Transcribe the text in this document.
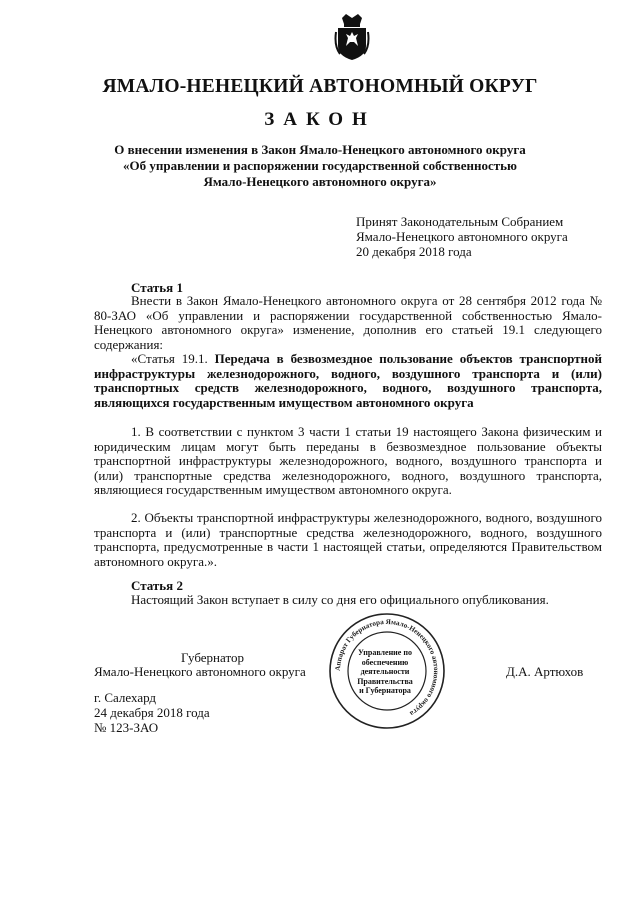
ЯМАЛО-НЕНЕЦКИЙ АВТОНОМНЫЙ ОКРУГ
ЗАКОН
О внесении изменения в Закон Ямало-Ненецкого автономного округа
«Об управлении и распоряжении государственной собственностью
Ямало-Ненецкого автономного округа»
Принят Законодательным Собранием
Ямало-Ненецкого автономного округа
20 декабря 2018 года
Статья 1
Внести в Закон Ямало-Ненецкого автономного округа от 28 сентября 2012 года № 80-ЗАО «Об управлении и распоряжении государственной собственностью Ямало-Ненецкого автономного округа» изменение, дополнив его статьей 19.1 следующего содержания:
«Статья 19.1. Передача в безвозмездное пользование объектов транспортной инфраструктуры железнодорожного, водного, воздушного транспорта и (или) транспортных средств железнодорожного, водного, воздушного транспорта, являющихся государственным имуществом автономного округа
1. В соответствии с пунктом 3 части 1 статьи 19 настоящего Закона физическим и юридическим лицам могут быть переданы в безвозмездное пользование объекты транспортной инфраструктуры железнодорожного, водного, воздушного транспорта и (или) транспортные средства железнодорожного, водного, воздушного транспорта, являющиеся государственным имуществом автономного округа.
2. Объекты транспортной инфраструктуры железнодорожного, водного, воздушного транспорта и (или) транспортные средства железнодорожного, водного, воздушного транспорта, предусмотренные в части 1 настоящей статьи, определяются Правительством автономного округа.».
Статья 2
Настоящий Закон вступает в силу со дня его официального опубликования.
Губернатор
Ямало-Ненецкого автономного округа	Д.А. Артюхов
Аппарат Губернатора Ямало-Ненецкого автономного округа
Управление по
обеспечению
деятельности
Правительства
и Губернатора
г. Салехард
24 декабря 2018 года
№ 123-ЗАО
